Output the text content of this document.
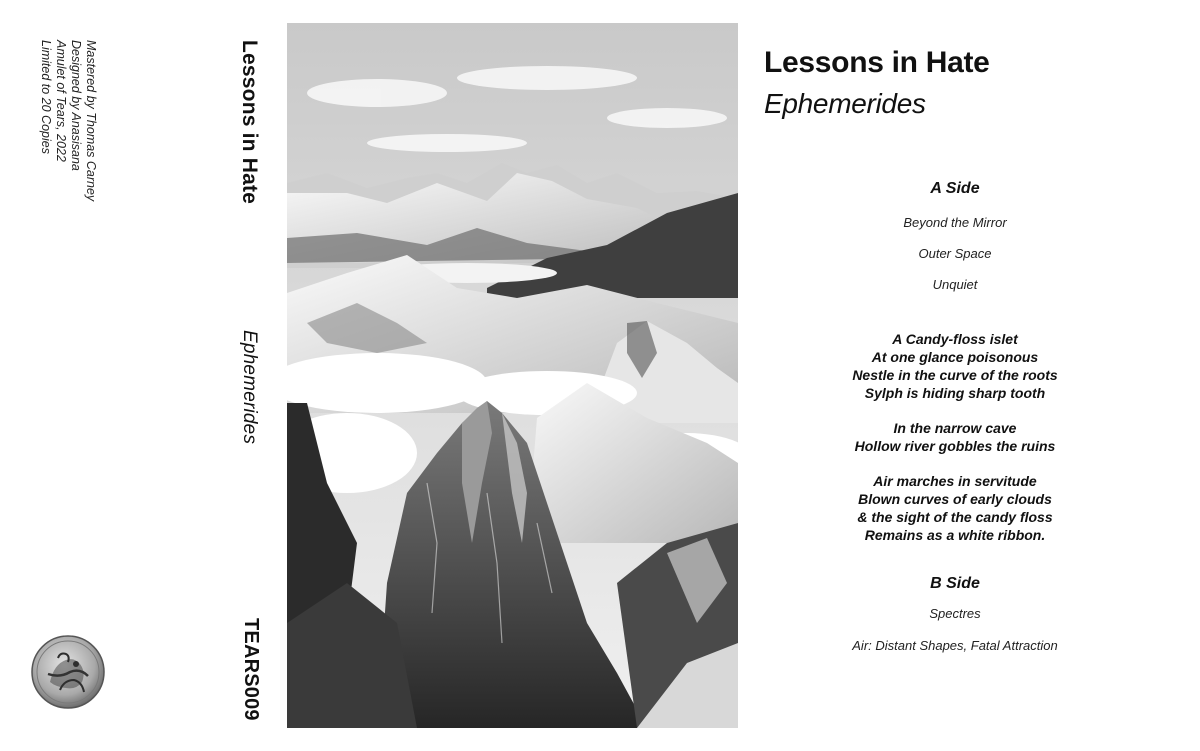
Mastered by Thomas Carney
Designed by Anasisana
Amulet of Tears, 2022
Limited to 20 Copies	Lessons in Hate
Ephemerides
TEARS009
Lessons in Hate
Ephemerides
A Side
Beyond the Mirror
Outer Space
Unquiet
A Candy-floss islet
At one glance poisonous
Nestle in the curve of the roots
Sylph is hiding sharp tooth
In the narrow cave
Hollow river gobbles the ruins
Air marches in servitude
Blown curves of early clouds
& the sight of the candy floss
Remains as a white ribbon.
B Side
Spectres
Air: Distant Shapes, Fatal Attraction
